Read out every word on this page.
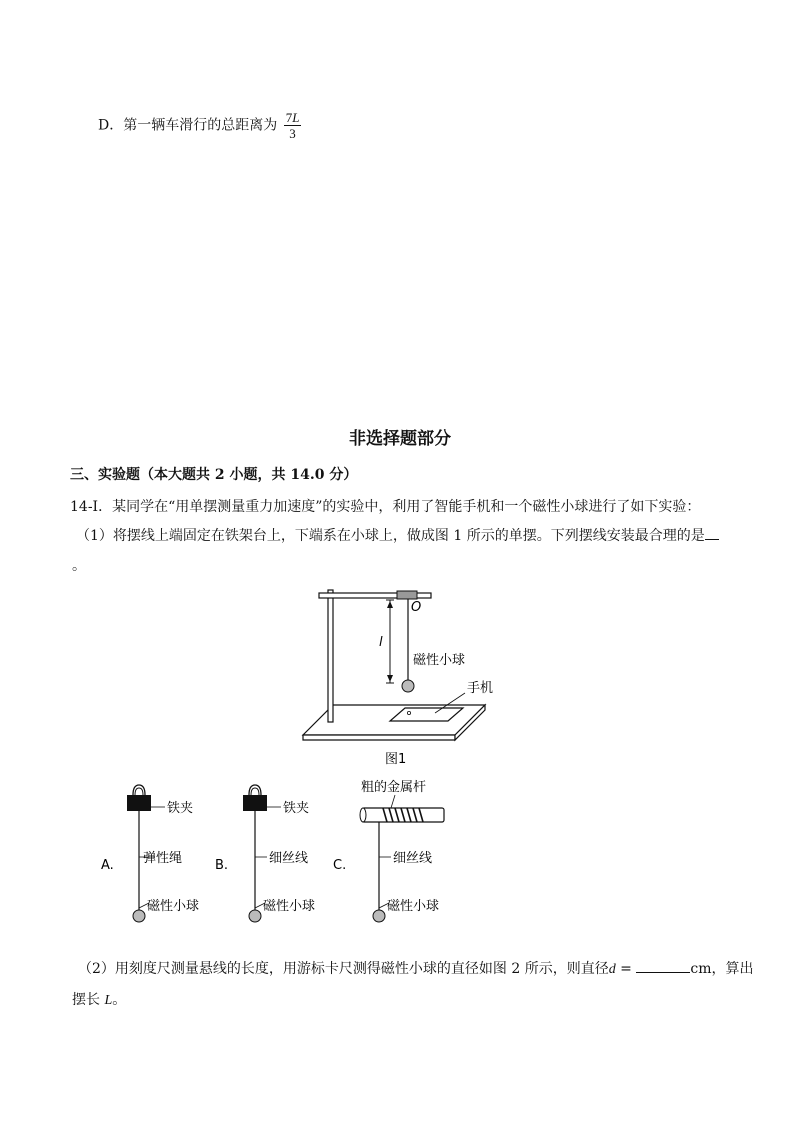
D．第一辆车滑行的总距离为 $\frac{7L}{3}$
非选择题部分
三、实验题（本大题共 2 小题，共 14.0 分）
14-Ⅰ．某同学在“用单摆测量重力加速度”的实验中，利用了智能手机和一个磁性小球进行了如下实验：
（1）将摆线上端固定在铁架台上，下端系在小球上，做成图 1 所示的单摆。下列摆线安装最合理的是
。
O
l
磁性小球
手机
图1
A.
铁夹
弹性绳
磁性小球
B.
铁夹
细丝线
磁性小球
C.
粗的金属杆
细丝线
磁性小球
（2）用刻度尺测量悬线的长度，用游标卡尺测得磁性小球的直径如图 2 所示，则直径d =	cm，算出
摆长 L。
